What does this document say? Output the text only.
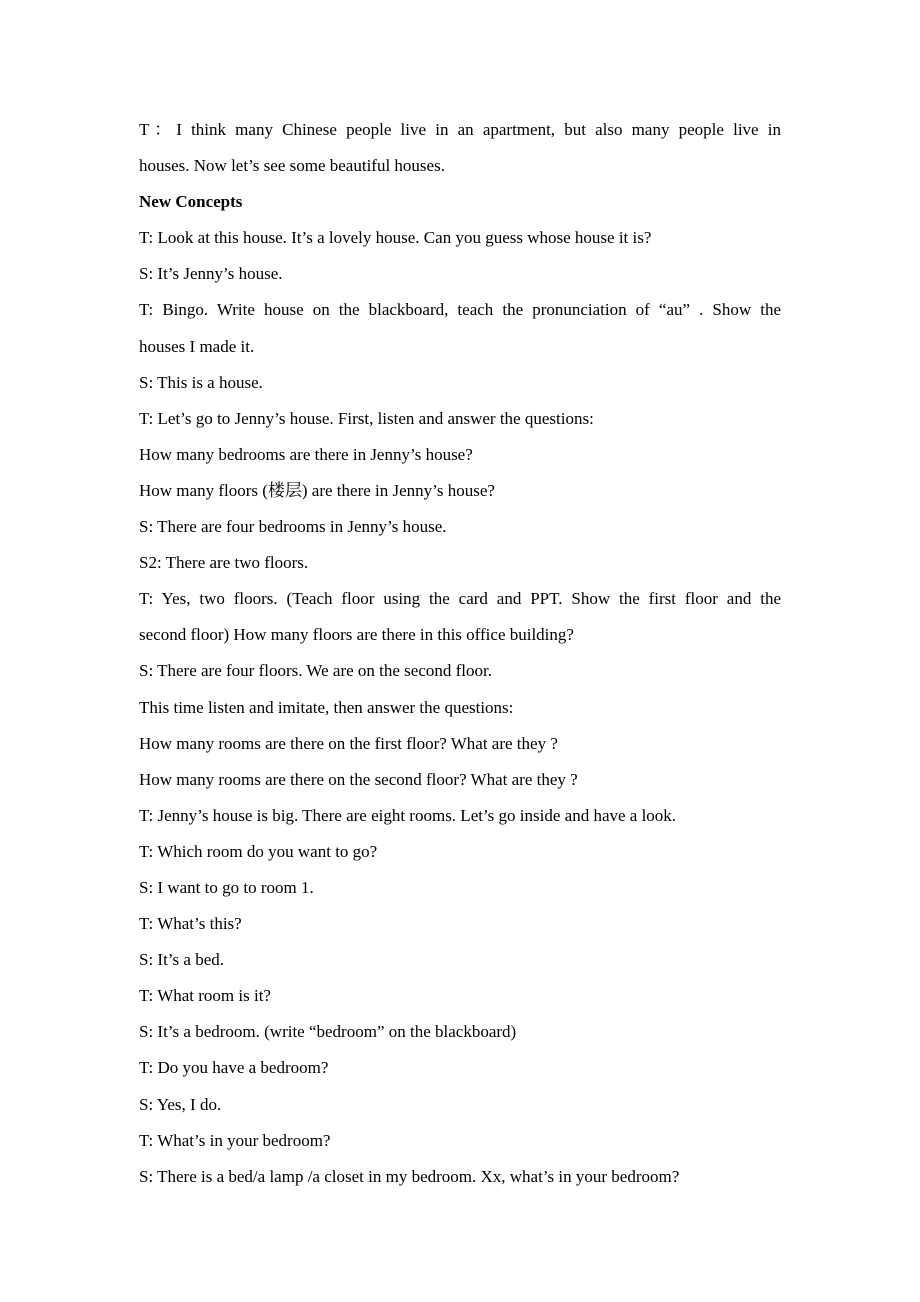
T：I think many Chinese people live in an apartment, but also many people live in
houses. Now let’s see some beautiful houses.
New Concepts
T: Look at this house. It’s a lovely house. Can you guess whose house it is?
S: It’s Jenny’s house.
T: Bingo. Write house on the blackboard, teach the pronunciation of “au” . Show the
houses I made it.
S: This is a house.
T: Let’s go to Jenny’s house. First, listen and answer the questions:
How many bedrooms are there in Jenny’s house?
How many floors (楼层) are there in Jenny’s house?
S: There are four bedrooms in Jenny’s house.
S2: There are two floors.
T: Yes, two floors. (Teach floor using the card and PPT. Show the first floor and the
second floor) How many floors are there in this office building?
S: There are four floors. We are on the second floor.
This time listen and imitate, then answer the questions:
How many rooms are there on the first floor? What are they ?
How many rooms are there on the second floor? What are they ?
T: Jenny’s house is big. There are eight rooms. Let’s go inside and have a look.
T: Which room do you want to go?
S: I want to go to room 1.
T: What’s this?
S: It’s a bed.
T: What room is it?
S: It’s a bedroom. (write “bedroom” on the blackboard)
T: Do you have a bedroom?
S: Yes, I do.
T: What’s in your bedroom?
S: There is a bed/a lamp /a closet in my bedroom. Xx, what’s in your bedroom?
